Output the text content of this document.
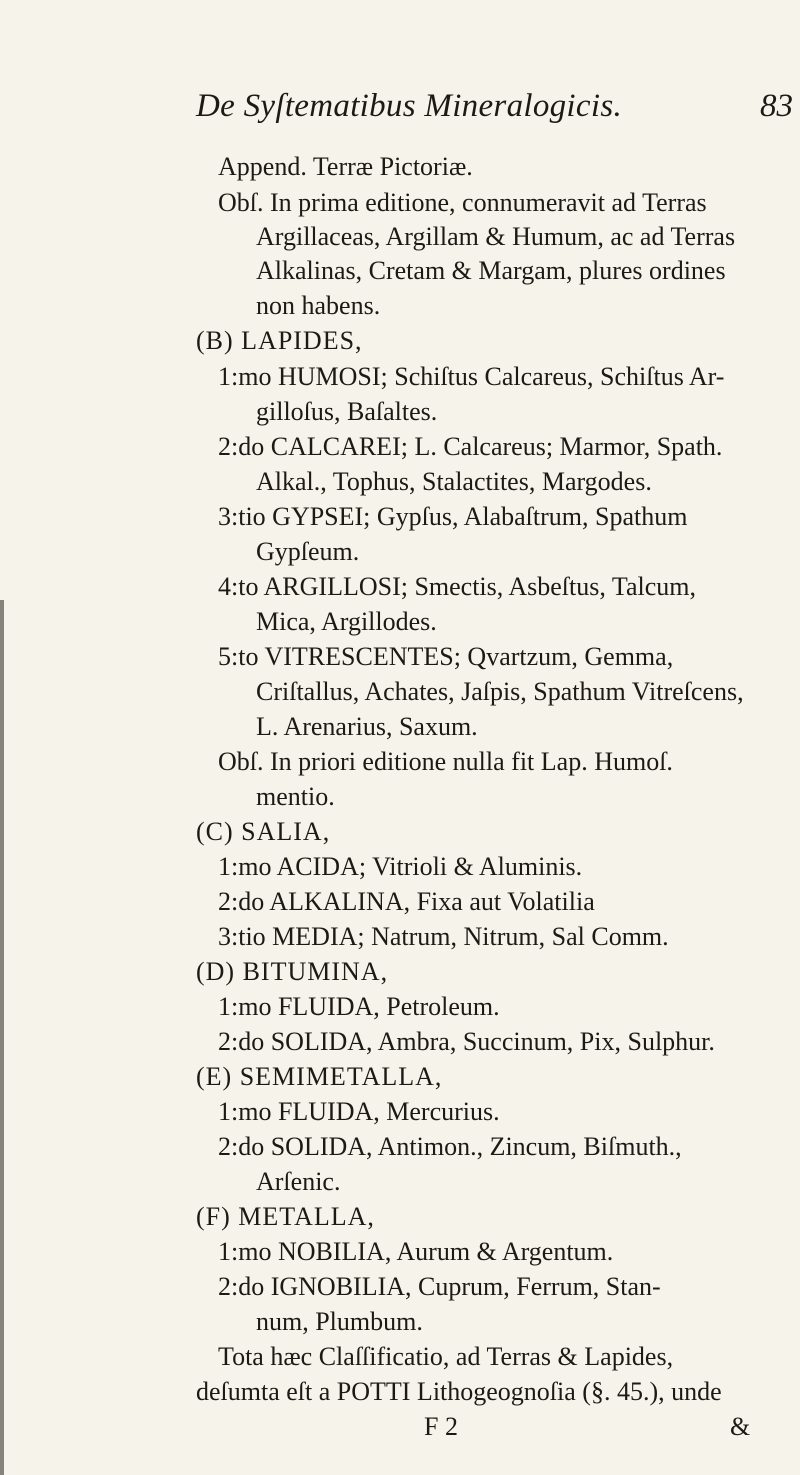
De Syſtematibus Mineralogicis.	83
Append. Terræ Pictoriæ.
Obſ. In prima editione, connumeravit ad Terras
Argillaceas, Argillam & Humum, ac ad Terras
Alkalinas, Cretam & Margam, plures ordines
non habens.
(B) LAPIDES,
1:mo HUMOSI; Schiſtus Calcareus, Schiſtus Ar-
gilloſus, Baſaltes.
2:do CALCAREI; L. Calcareus; Marmor, Spath.
Alkal., Tophus, Stalactites, Margodes.
3:tio GYPSEI; Gypſus, Alabaſtrum, Spathum
Gypſeum.
4:to ARGILLOSI; Smectis, Asbeſtus, Talcum,
Mica, Argillodes.
5:to VITRESCENTES; Qvartzum, Gemma,
Criſtallus, Achates, Jaſpis, Spathum Vitreſcens,
L. Arenarius, Saxum.
Obſ. In priori editione nulla fit Lap. Humoſ.
mentio.
(C) SALIA,
1:mo ACIDA; Vitrioli & Aluminis.
2:do ALKALINA, Fixa aut Volatilia
3:tio MEDIA; Natrum, Nitrum, Sal Comm.
(D) BITUMINA,
1:mo FLUIDA, Petroleum.
2:do SOLIDA, Ambra, Succinum, Pix, Sulphur.
(E) SEMIMETALLA,
1:mo FLUIDA, Mercurius.
2:do SOLIDA, Antimon., Zincum, Biſmuth.,
Arſenic.
(F) METALLA,
1:mo NOBILIA, Aurum & Argentum.
2:do IGNOBILIA, Cuprum, Ferrum, Stan-
num, Plumbum.
Tota hæc Claſſificatio, ad Terras & Lapides,
deſumta eſt a POTTI Lithogeognoſia (§. 45.), unde
F 2	&
